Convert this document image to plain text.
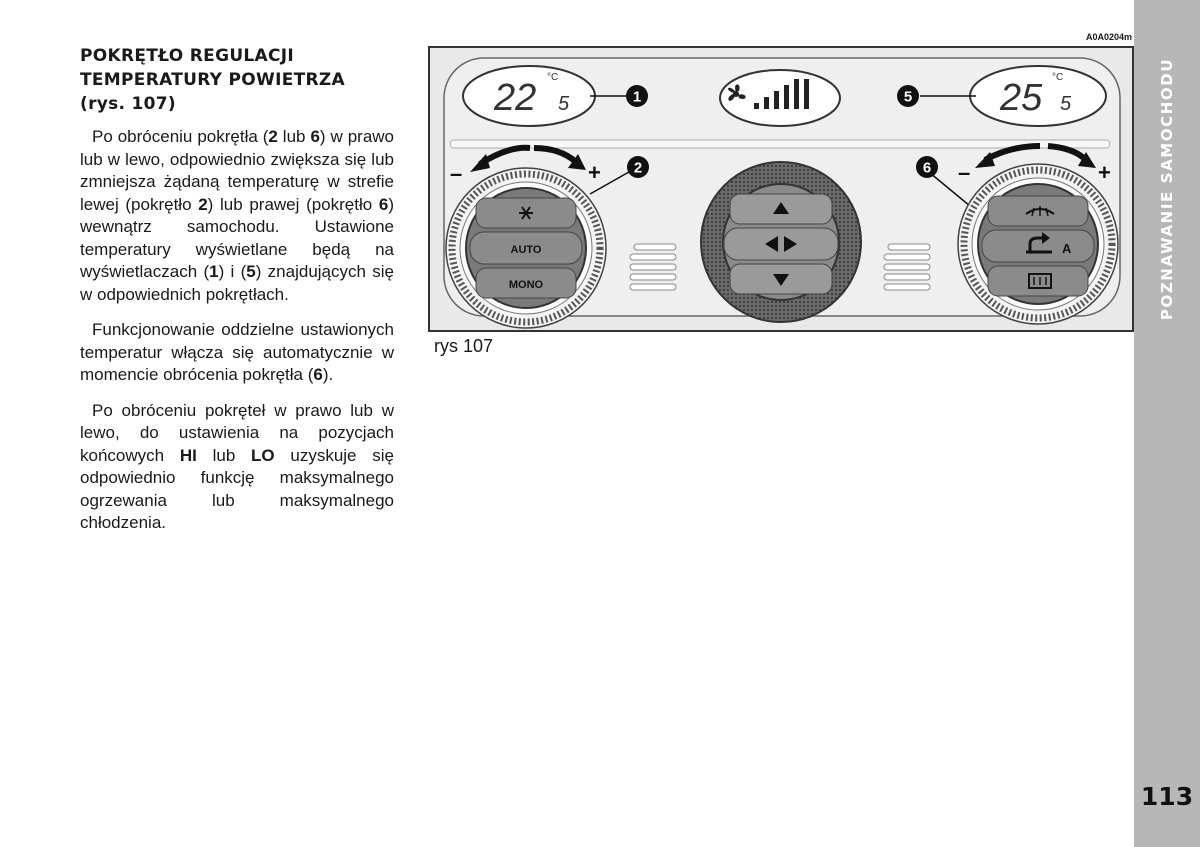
POKRĘTŁO REGULACJI
TEMPERATURY POWIETRZA
(rys. 107)

Po obróceniu pokrętła (2 lub 6) w prawo lub w lewo, odpowiednio zwiększa się lub zmniejsza żądaną temperaturę w strefie lewej (pokrętło 2) lub prawej (pokrętło 6) wewnątrz samochodu. Ustawione temperatury wyświetlane będą na wyświetlaczach (1) i (5) znajdujących się w odpowiednich pokrętłach.

Funkcjonowanie oddzielne ustawionych temperatur włącza się automatycznie w momencie obrócenia pokrętła (6).

Po obróceniu pokręteł w prawo lub w lewo, do ustawienia na pozycjach końcowych HI lub LO uzyskuje się odpowiednio funkcję maksymalnego ogrzewania lub maksymalnego chłodzenia.

A0A0204m
22 5
°C	25 5
°C
1	5
2	6
–	+
AUTO
MONO
–	+
A
rys 107
POZNAWANIE SAMOCHODU
113
